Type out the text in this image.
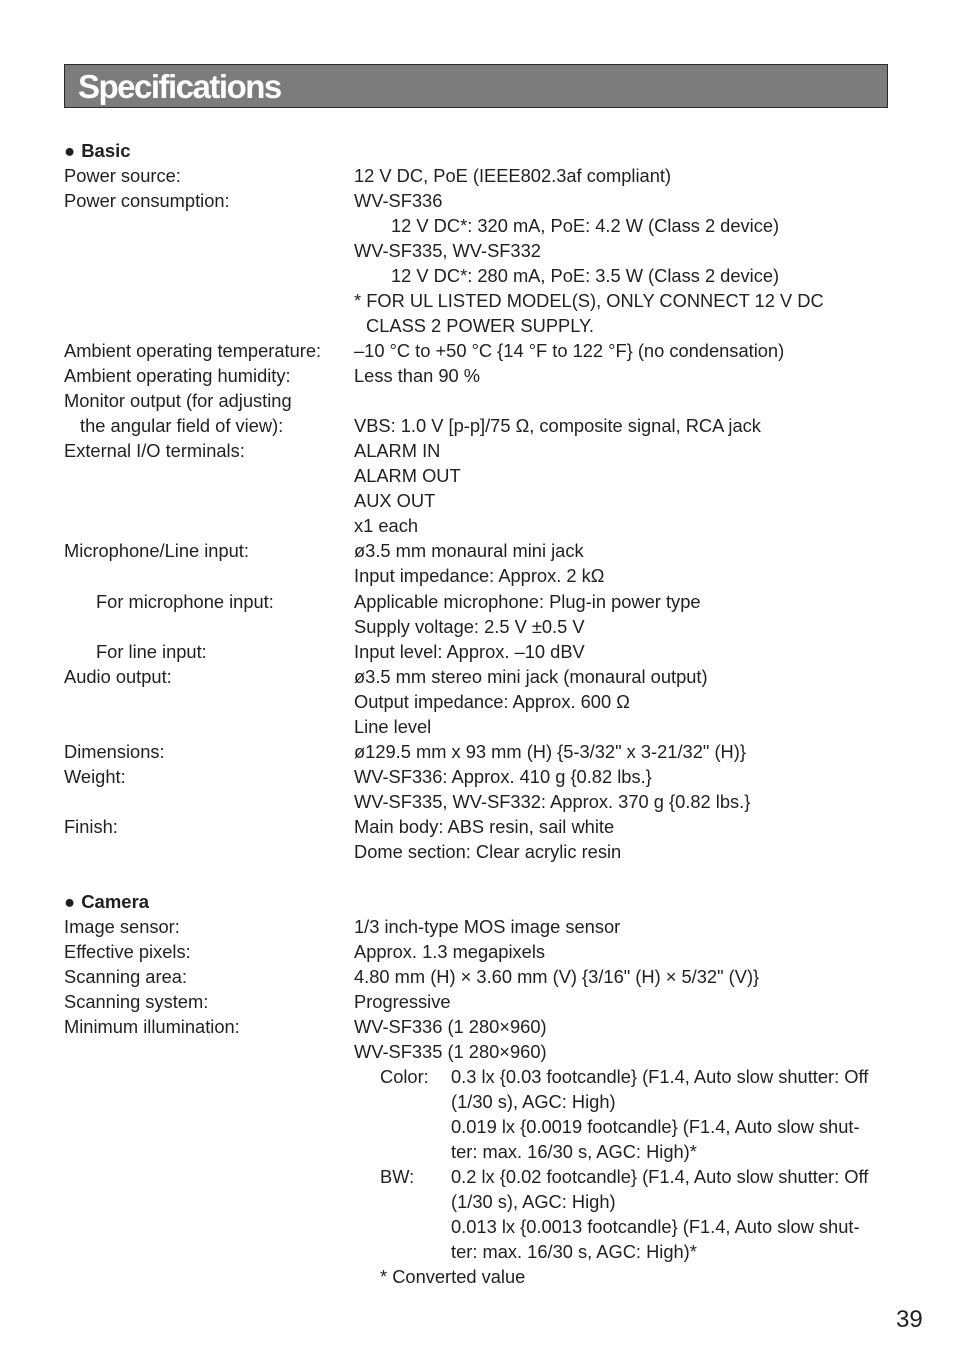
Specifications
● Basic
Power source:	12 V DC, PoE (IEEE802.3af compliant)
Power consumption:	WV-SF336
12 V DC*: 320 mA, PoE: 4.2 W (Class 2 device)
WV-SF335, WV-SF332
12 V DC*: 280 mA, PoE: 3.5 W (Class 2 device)
* FOR UL LISTED MODEL(S), ONLY CONNECT 12 V DC
CLASS 2 POWER SUPPLY.
Ambient operating temperature: –10 °C to +50 °C {14 °F to 122 °F} (no condensation)
Ambient operating humidity:	Less than 90 %
Monitor output (for adjusting
the angular field of view):	VBS: 1.0 V [p-p]/75 Ω, composite signal, RCA jack
External I/O terminals:	ALARM IN
ALARM OUT
AUX OUT
x1 each
Microphone/Line input:	ø3.5 mm monaural mini jack
Input impedance: Approx. 2 kΩ
For microphone input:	Applicable microphone: Plug-in power type
Supply voltage: 2.5 V ±0.5 V
For line input:	Input level: Approx. –10 dBV
Audio output:	ø3.5 mm stereo mini jack (monaural output)
Output impedance: Approx. 600 Ω
Line level
Dimensions:	ø129.5 mm x 93 mm (H) {5-3/32" x 3-21/32" (H)}
Weight:	WV-SF336: Approx. 410 g {0.82 lbs.}
WV-SF335, WV-SF332: Approx. 370 g {0.82 lbs.}
Finish:	Main body: ABS resin, sail white
Dome section: Clear acrylic resin
● Camera
Image sensor:	1/3 inch-type MOS image sensor
Effective pixels:	Approx. 1.3 megapixels
Scanning area:	4.80 mm (H) × 3.60 mm (V) {3/16" (H) × 5/32" (V)}
Scanning system:	Progressive
Minimum illumination:	WV-SF336 (1 280×960)
WV-SF335 (1 280×960)
Color: 0.3 lx {0.03 footcandle} (F1.4, Auto slow shutter: Off
(1/30 s), AGC: High)
0.019 lx {0.0019 footcandle} (F1.4, Auto slow shut-
ter: max. 16/30 s, AGC: High)*
BW: 0.2 lx {0.02 footcandle} (F1.4, Auto slow shutter: Off
(1/30 s), AGC: High)
0.013 lx {0.0013 footcandle} (F1.4, Auto slow shut-
ter: max. 16/30 s, AGC: High)*
* Converted value
39
